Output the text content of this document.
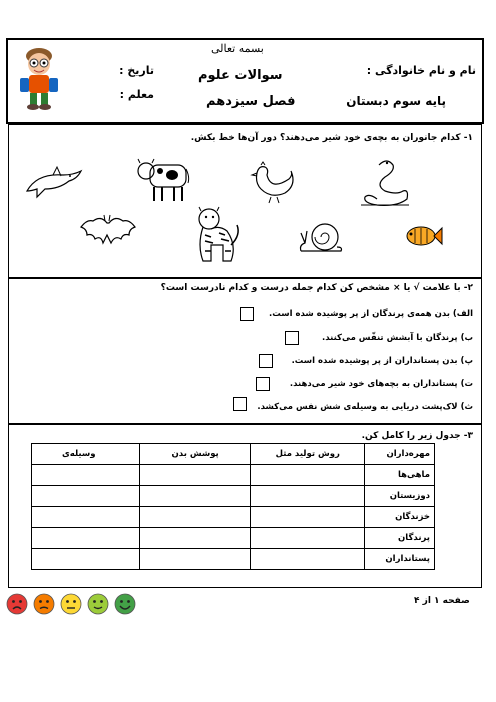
تاریخ :
معلم :
بسمه تعالی
سوالات علوم
فصل سیزدهم
نام و نام خانوادگی :
پایه سوم دبستان
۱- کدام جانوران به بچه‌ی خود شیر می‌دهند؟ دور آن‌ها خط بکش.
۲- با علامت √ یا × مشخص کن کدام جمله درست و کدام نادرست است؟
الف) بدن همه‌ی پرندگان از پر پوشیده شده است.
ب) پرندگان با آبشش تنفّس می‌کنند.
پ) بدن پستانداران از پر پوشیده شده است.
ت) پستانداران به بچه‌های خود شیر می‌دهند.
ث) لاک‌پشت دریایی به وسیله‌ی شش نفس می‌کشد.
۳- جدول زیر را کامل کن.
مهره‌داران	روش تولید مثل	پوشش بدن	وسیله‌ی
ماهی‌ها			
دوزیستان			
خزندگان			
پرندگان			
پستانداران			
صفحه ۱ از ۴
